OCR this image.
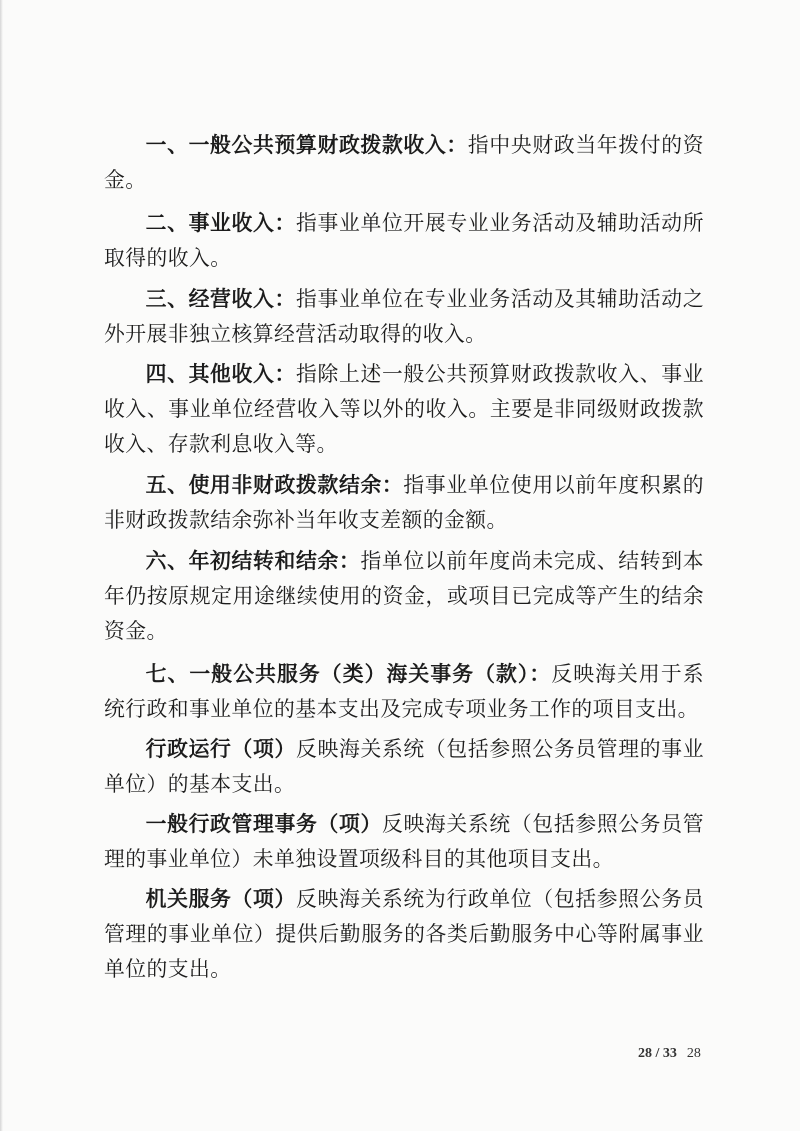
一、一般公共预算财政拨款收入：指中央财政当年拨付的资金。

二、事业收入：指事业单位开展专业业务活动及辅助活动所取得的收入。

三、经营收入：指事业单位在专业业务活动及其辅助活动之外开展非独立核算经营活动取得的收入。

四、其他收入：指除上述一般公共预算财政拨款收入、事业收入、事业单位经营收入等以外的收入。主要是非同级财政拨款收入、存款利息收入等。

五、使用非财政拨款结余：指事业单位使用以前年度积累的非财政拨款结余弥补当年收支差额的金额。

六、年初结转和结余：指单位以前年度尚未完成、结转到本年仍按原规定用途继续使用的资金，或项目已完成等产生的结余资金。

七、一般公共服务（类）海关事务（款）：反映海关用于系统行政和事业单位的基本支出及完成专项业务工作的项目支出。

行政运行（项）反映海关系统（包括参照公务员管理的事业单位）的基本支出。

一般行政管理事务（项）反映海关系统（包括参照公务员管理的事业单位）未单独设置项级科目的其他项目支出。

机关服务（项）反映海关系统为行政单位（包括参照公务员管理的事业单位）提供后勤服务的各类后勤服务中心等附属事业单位的支出。

28 / 33 28
